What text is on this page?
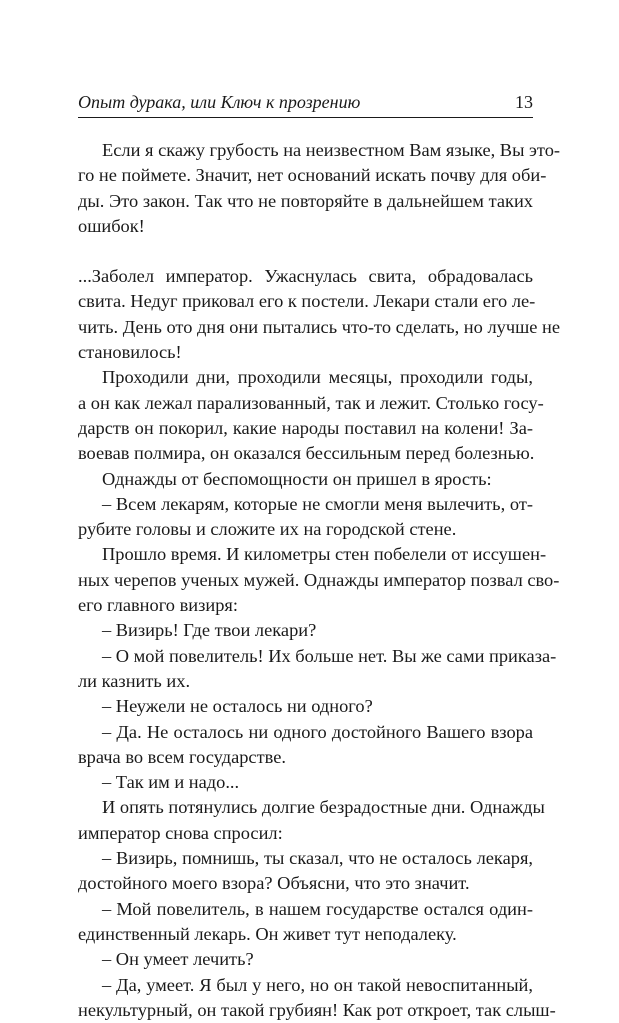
Опыт дурака, или Ключ к прозрению	13
Если я скажу грубость на неизвестном Вам языке, Вы это-
го не поймете. Значит, нет оснований искать почву для оби-
ды. Это закон. Так что не повторяйте в дальнейшем таких
ошибок!
...Заболел император. Ужаснулась свита, обрадовалась
свита. Недуг приковал его к постели. Лекари стали его ле-
чить. День ото дня они пытались что-то сделать, но лучше не
становилось!
Проходили дни, проходили месяцы, проходили годы,
а он как лежал парализованный, так и лежит. Столько госу-
дарств он покорил, какие народы поставил на колени! За-
воевав полмира, он оказался бессильным перед болезнью.
Однажды от беспомощности он пришел в ярость:
– Всем лекарям, которые не смогли меня вылечить, от-
рубите головы и сложите их на городской стене.
Прошло время. И километры стен побелели от иссушен-
ных черепов ученых мужей. Однажды император позвал сво-
его главного визиря:
– Визирь! Где твои лекари?
– О мой повелитель! Их больше нет. Вы же сами приказа-
ли казнить их.
– Неужели не осталось ни одного?
– Да. Не осталось ни одного достойного Вашего взора
врача во всем государстве.
– Так им и надо...
И опять потянулись долгие безрадостные дни. Однажды
император снова спросил:
– Визирь, помнишь, ты сказал, что не осталось лекаря,
достойного моего взора? Объясни, что это значит.
– Мой повелитель, в нашем государстве остался один-
единственный лекарь. Он живет тут неподалеку.
– Он умеет лечить?
– Да, умеет. Я был у него, но он такой невоспитанный,
некультурный, он такой грубиян! Как рот откроет, так слыш-
